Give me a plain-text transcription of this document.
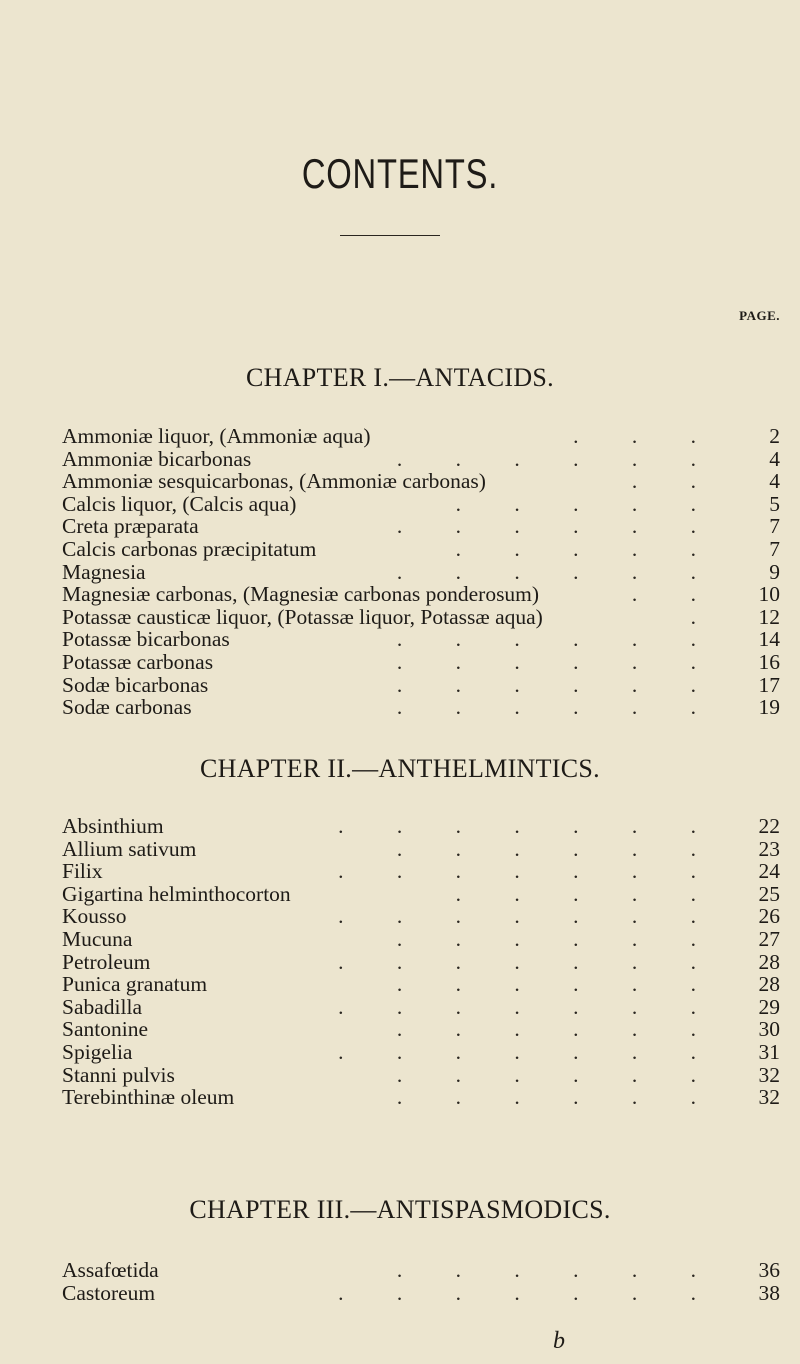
CONTENTS.
CHAPTER I.—ANTACIDS.
PAGE.
Ammoniæ liquor, (Ammoniæ aqua)	. . .	2
Ammoniæ bicarbonas	. . . . . .	4
Ammoniæ sesquicarbonas, (Ammoniæ carbonas)	. .	4
Calcis liquor, (Calcis aqua)	. . . . .	5
Creta præparata	. . . . . .	7
Calcis carbonas præcipitatum	. . . . .	7
Magnesia	. . . . . .	9
Magnesiæ carbonas, (Magnesiæ carbonas ponderosum)	. .	10
Potassæ causticæ liquor, (Potassæ liquor, Potassæ aqua)	.	12
Potassæ bicarbonas	. . . . . .	14
Potassæ carbonas	. . . . . .	16
Sodæ bicarbonas	. . . . . .	17
Sodæ carbonas	. . . . . .	19
CHAPTER II.—ANTHELMINTICS.
Absinthium	. . . . . . .	22
Allium sativum	. . . . . .	23
Filix	. . . . . . .	24
Gigartina helminthocorton	. . . . .	25
Kousso	. . . . . . .	26
Mucuna	. . . . . .	27
Petroleum	. . . . . . .	28
Punica granatum	. . . . . .	28
Sabadilla	. . . . . . .	29
Santonine	. . . . . .	30
Spigelia	. . . . . . .	31
Stanni pulvis	. . . . . .	32
Terebinthinæ oleum	. . . . . .	32
CHAPTER III.—ANTISPASMODICS.
Assafœtida	. . . . . .	36
Castoreum	. . . . . . .	38
b
